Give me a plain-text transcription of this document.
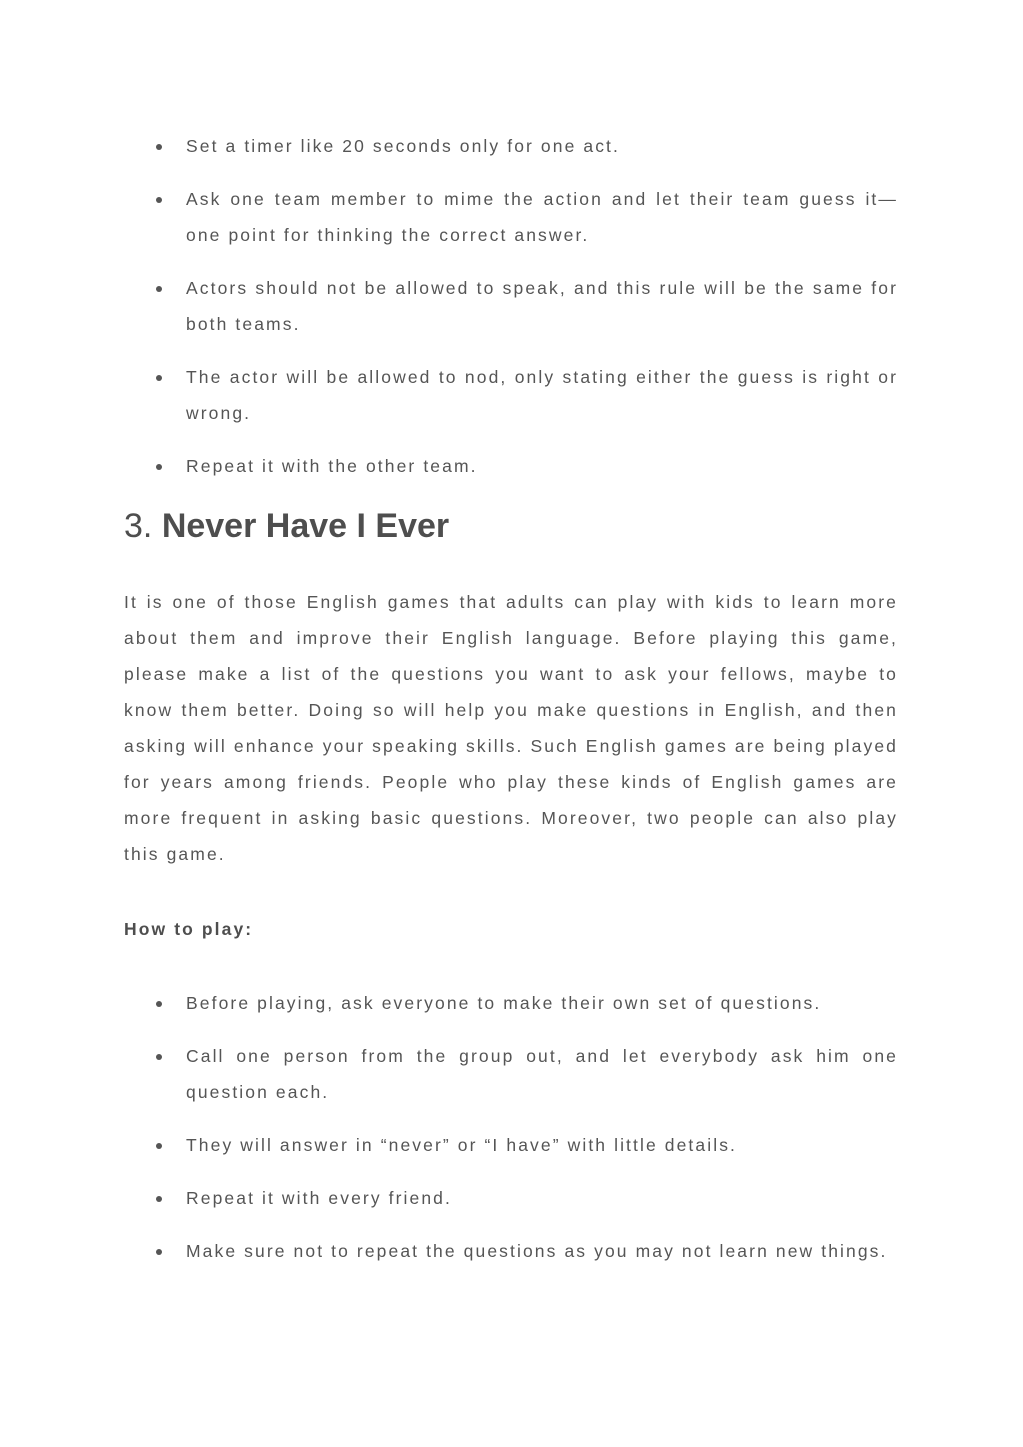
Set a timer like 20 seconds only for one act.
Ask one team member to mime the action and let their team guess it—one point for thinking the correct answer.
Actors should not be allowed to speak, and this rule will be the same for both teams.
The actor will be allowed to nod, only stating either the guess is right or wrong.
Repeat it with the other team.
3. Never Have I Ever

It is one of those English games that adults can play with kids to learn more about them and improve their English language. Before playing this game, please make a list of the questions you want to ask your fellows, maybe to know them better. Doing so will help you make questions in English, and then asking will enhance your speaking skills. Such English games are being played for years among friends. People who play these kinds of English games are more frequent in asking basic questions. Moreover, two people can also play this game.

How to play:

Before playing, ask everyone to make their own set of questions.
Call one person from the group out, and let everybody ask him one question each.
They will answer in “never” or “I have” with little details.
Repeat it with every friend.
Make sure not to repeat the questions as you may not learn new things.
